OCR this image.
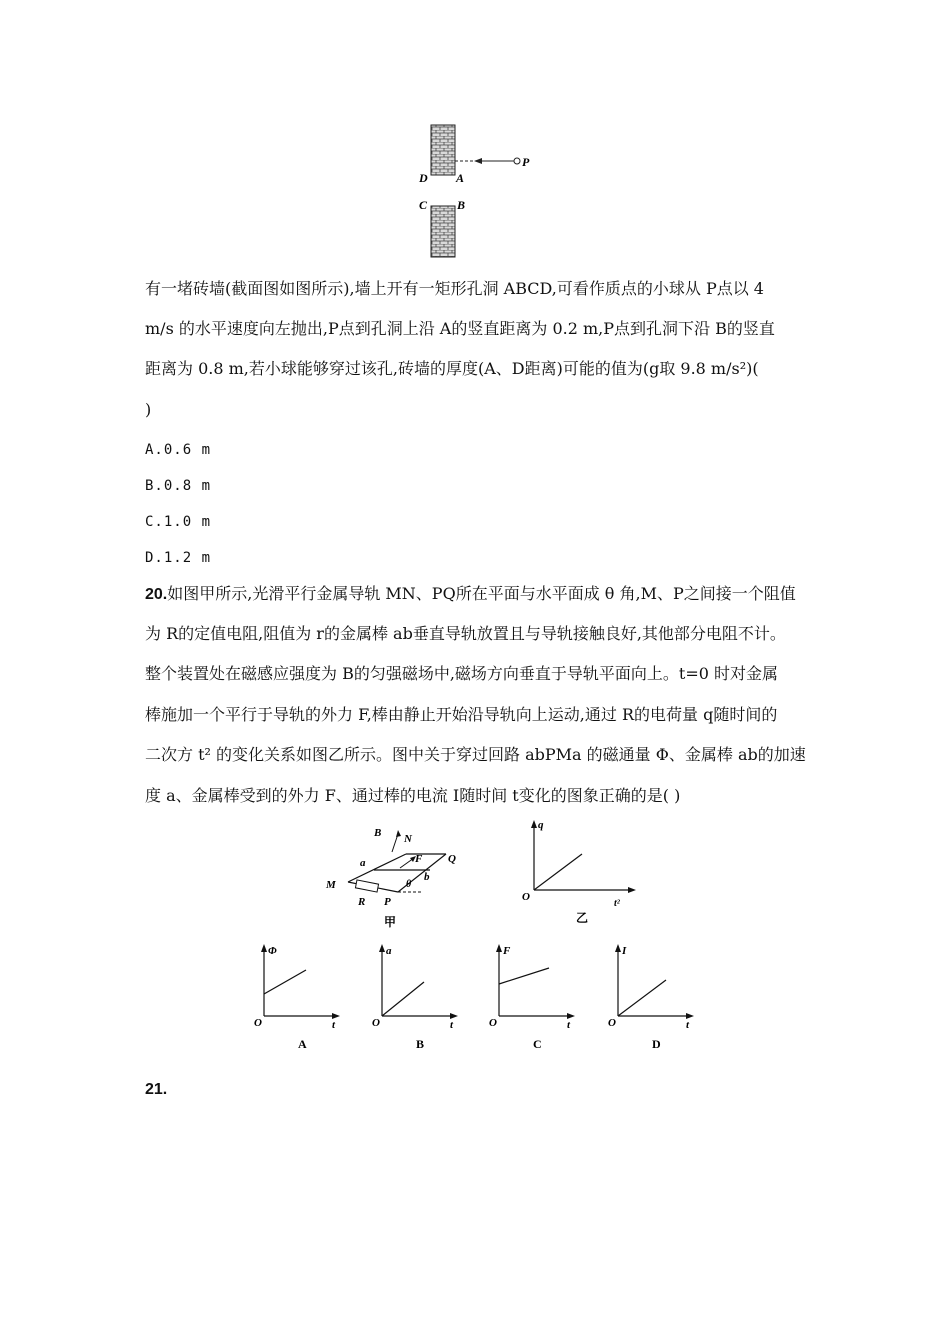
P
D A
C B
有一堵砖墙(截面图如图所示),墙上开有一矩形孔洞 ABCD,可看作质点的小球从 P点以 4
m/s 的水平速度向左抛出,P点到孔洞上沿 A的竖直距离为 0.2 m,P点到孔洞下沿 B的竖直
距离为 0.8 m,若小球能够穿过该孔,砖墙的厚度(A、D距离)可能的值为(g取 9.8 m/s²)(
)
A.0.6 m
B.0.8 m
C.1.0 m
D.1.2 m
20.如图甲所示,光滑平行金属导轨 MN、PQ所在平面与水平面成 θ 角,M、P之间接一个阻值
为 R的定值电阻,阻值为 r的金属棒 ab垂直导轨放置且与导轨接触良好,其他部分电阻不计。
整个装置处在磁感应强度为 B的匀强磁场中,磁场方向垂直于导轨平面向上。t=0 时对金属
棒施加一个平行于导轨的外力 F,棒由静止开始沿导轨向上运动,通过 R的电荷量 q随时间的
二次方 t² 的变化关系如图乙所示。图中关于穿过回路 abPMa 的磁通量 Φ、金属棒 ab的加速
度 a、金属棒受到的外力 F、通过棒的电流 I随时间 t变化的图象正确的是( )
B N
a	F Q
b
θ
M
R P
甲
q
O
t²
乙
Φ
O	t
A
a
O	t
B
F
O	t
C
I
O	t
D
21.
